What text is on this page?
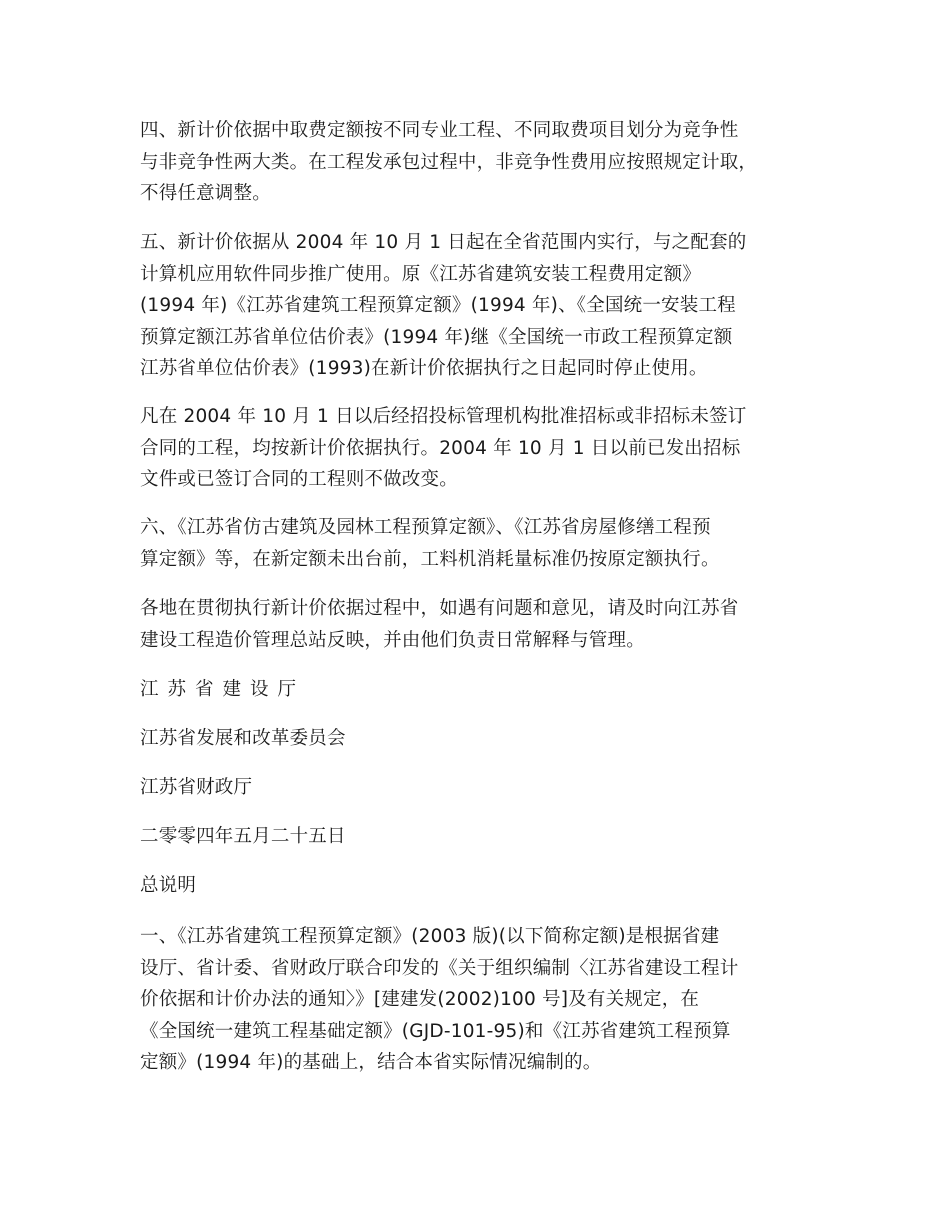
四、新计价依据中取费定额按不同专业工程、不同取费项目划分为竞争性
与非竞争性两大类。在工程发承包过程中，非竞争性费用应按照规定计取，
不得任意调整。

五、新计价依据从 2004 年 10 月 1 日起在全省范围内实行，与之配套的
计算机应用软件同步推广使用。原《江苏省建筑安装工程费用定额》
(1994 年)《江苏省建筑工程预算定额》(1994 年)、《全国统一安装工程
预算定额江苏省单位估价表》(1994 年)继《全国统一市政工程预算定额
江苏省单位估价表》(1993)在新计价依据执行之日起同时停止使用。

凡在 2004 年 10 月 1 日以后经招投标管理机构批准招标或非招标未签订
合同的工程，均按新计价依据执行。2004 年 10 月 1 日以前已发出招标
文件或已签订合同的工程则不做改变。

六、《江苏省仿古建筑及园林工程预算定额》、《江苏省房屋修缮工程预
算定额》等，在新定额未出台前，工料机消耗量标准仍按原定额执行。

各地在贯彻执行新计价依据过程中，如遇有问题和意见，请及时向江苏省
建设工程造价管理总站反映，并由他们负责日常解释与管理。

江苏省建设厅

江苏省发展和改革委员会

江苏省财政厅

二零零四年五月二十五日

总说明

一、《江苏省建筑工程预算定额》(2003 版)(以下简称定额)是根据省建
设厅、省计委、省财政厅联合印发的《关于组织编制〈江苏省建设工程计
价依据和计价办法的通知〉》[建建发(2002)100 号]及有关规定，在
《全国统一建筑工程基础定额》(GJD-101-95)和《江苏省建筑工程预算
定额》(1994 年)的基础上，结合本省实际情况编制的。
